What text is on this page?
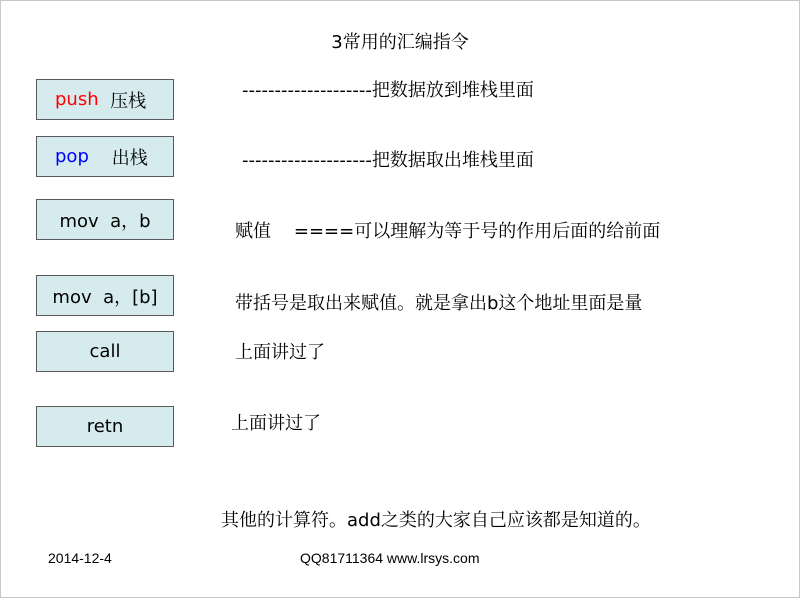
3常用的汇编指令
push
压栈
pop
出栈
mov  a，b
mov  a，[b]
call
retn
--------------------把数据放到堆栈里面
--------------------把数据取出堆栈里面
赋值    ====可以理解为等于号的作用后面的给前面
带括号是取出来赋值。就是拿出b这个地址里面是量
上面讲过了
上面讲过了
其他的计算符。add之类的大家自己应该都是知道的。
2014-12-4	QQ81711364 www.lrsys.com
